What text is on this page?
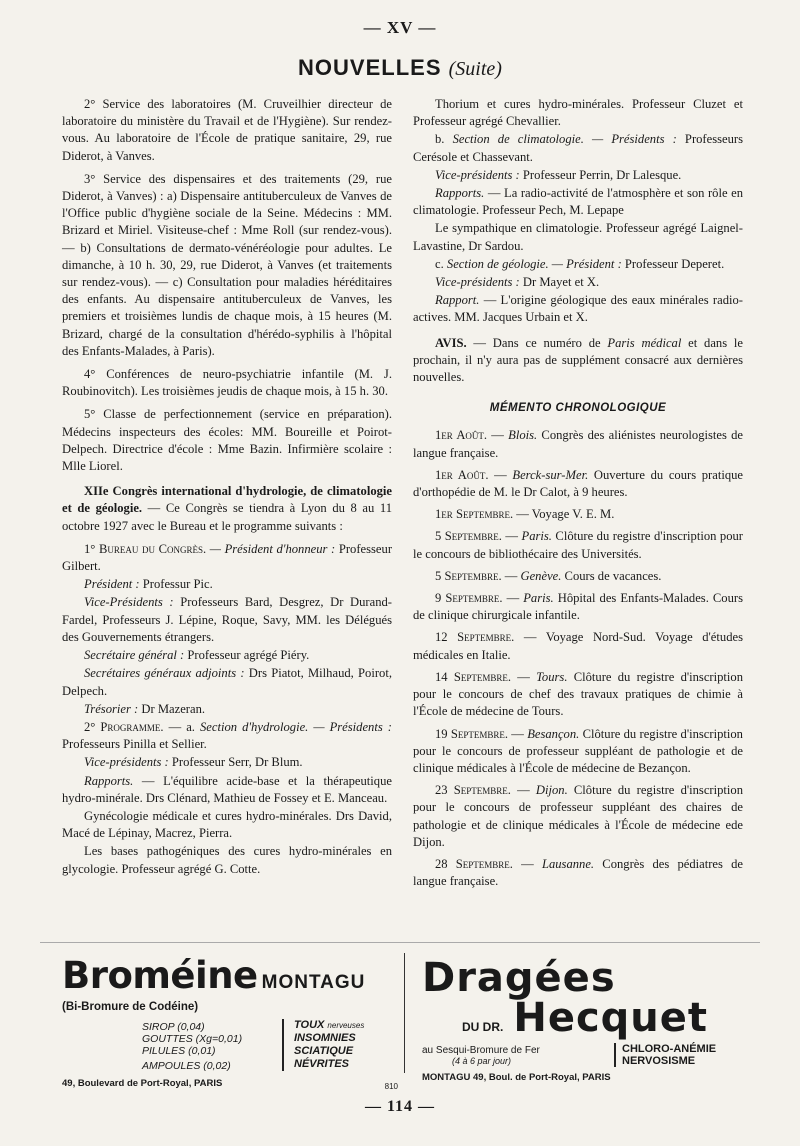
— XV —
NOUVELLES (Suite)

2° Service des laboratoires (M. Cruveilhier directeur de laboratoire du ministère du Travail et de l'Hygiène). Sur rendez-vous. Au laboratoire de l'École de pratique sanitaire, 29, rue Diderot, à Vanves.

3° Service des dispensaires et des traitements (29, rue Diderot, à Vanves) : a) Dispensaire antituberculeux de Vanves de l'Office public d'hygiène sociale de la Seine. Médecins : MM. Brizard et Miriel. Visiteuse-chef : Mme Roll (sur rendez-vous). — b) Consultations de dermato-vénéréologie pour adultes. Le dimanche, à 10 h. 30, 29, rue Diderot, à Vanves (et traitements sur rendez-vous). — c) Consultation pour maladies héréditaires des enfants. Au dispensaire antituberculeux de Vanves, les premiers et troisièmes lundis de chaque mois, à 15 heures (M. Brizard, chargé de la consultation d'hérédo-syphilis à l'hôpital des Enfants-Malades, à Paris).

4° Conférences de neuro-psychiatrie infantile (M. J. Roubinovitch). Les troisièmes jeudis de chaque mois, à 15 h. 30.

5° Classe de perfectionnement (service en préparation). Médecins inspecteurs des écoles: MM. Boureille et Poirot-Delpech. Directrice d'école : Mme Bazin. Infirmière scolaire : Mlle Liorel.

XIIe Congrès international d'hydrologie, de climatologie et de géologie. — Ce Congrès se tiendra à Lyon du 8 au 11 octobre 1927 avec le Bureau et le programme suivants :

1° Bureau du Congrès. — Président d'honneur : Professeur Gilbert.

Président : Professur Pic.

Vice-Présidents : Professeurs Bard, Desgrez, Dr Durand-Fardel, Professeurs J. Lépine, Roque, Savy, MM. les Délégués des Gouvernements étrangers.

Secrétaire général : Professeur agrégé Piéry.

Secrétaires généraux adjoints : Drs Piatot, Milhaud, Poirot, Delpech.

Trésorier : Dr Mazeran.

2° Programme. — a. Section d'hydrologie. — Présidents : Professeurs Pinilla et Sellier.

Vice-présidents : Professeur Serr, Dr Blum.

Rapports. — L'équilibre acide-base et la thérapeutique hydro-minérale. Drs Clénard, Mathieu de Fossey et E. Manceau.

Gynécologie médicale et cures hydro-minérales. Drs David, Macé de Lépinay, Macrez, Pierra.

Les bases pathogéniques des cures hydro-minérales en glycologie. Professeur agrégé G. Cotte.

Thorium et cures hydro-minérales. Professeur Cluzet et Professeur agrégé Chevallier.

b. Section de climatologie. — Présidents : Professeurs Cerésole et Chassevant.

Vice-présidents : Professeur Perrin, Dr Lalesque.

Rapports. — La radio-activité de l'atmosphère et son rôle en climatologie. Professeur Pech, M. Lepape

Le sympathique en climatologie. Professeur agrégé Laignel-Lavastine, Dr Sardou.

c. Section de géologie. — Président : Professeur Deperet.

Vice-présidents : Dr Mayet et X.

Rapport. — L'origine géologique des eaux minérales radio-actives. MM. Jacques Urbain et X.

AVIS. — Dans ce numéro de Paris médical et dans le prochain, il n'y aura pas de supplément consacré aux dernières nouvelles.

MÉMENTO CHRONOLOGIQUE

1er Août. — Blois. Congrès des aliénistes neurologistes de langue française.

1er Août. — Berck-sur-Mer. Ouverture du cours pratique d'orthopédie de M. le Dr Calot, à 9 heures.

1er Septembre. — Voyage V. E. M.

5 Septembre. — Paris. Clôture du registre d'inscription pour le concours de bibliothécaire des Universités.

5 Septembre. — Genève. Cours de vacances.

9 Septembre. — Paris. Hôpital des Enfants-Malades. Cours de clinique chirurgicale infantile.

12 Septembre. — Voyage Nord-Sud. Voyage d'études médicales en Italie.

14 Septembre. — Tours. Clôture du registre d'inscription pour le concours de chef des travaux pratiques de chimie à l'École de médecine de Tours.

19 Septembre. — Besançon. Clôture du registre d'inscription pour le concours de professeur suppléant de pathologie et de clinique médicales à l'École de médecine de Bezançon.

23 Septembre. — Dijon. Clôture du registre d'inscription pour le concours de professeur suppléant des chaires de pathologie et de clinique médicales à l'École de médecine ede Dijon.

28 Septembre. — Lausanne. Congrès des pédiatres de langue française.

Broméine MONTAGU
(Bi-Bromure de Codéine)
SIROP (0,04)
GOUTTES (Xg=0,01)
PILULES (0,01)
AMPOULES (0,02)
TOUX nerveuses
INSOMNIES
SCIATIQUE
NÉVRITES
49, Boulevard de Port-Royal, PARIS	810
Dragées
DU DR. Hecquet
au Sesqui-Bromure de Fer
(4 à 6 par jour)
CHLORO-ANÉMIE
NERVOSISME
MONTAGU 49, Boul. de Port-Royal, PARIS
— 114 —
